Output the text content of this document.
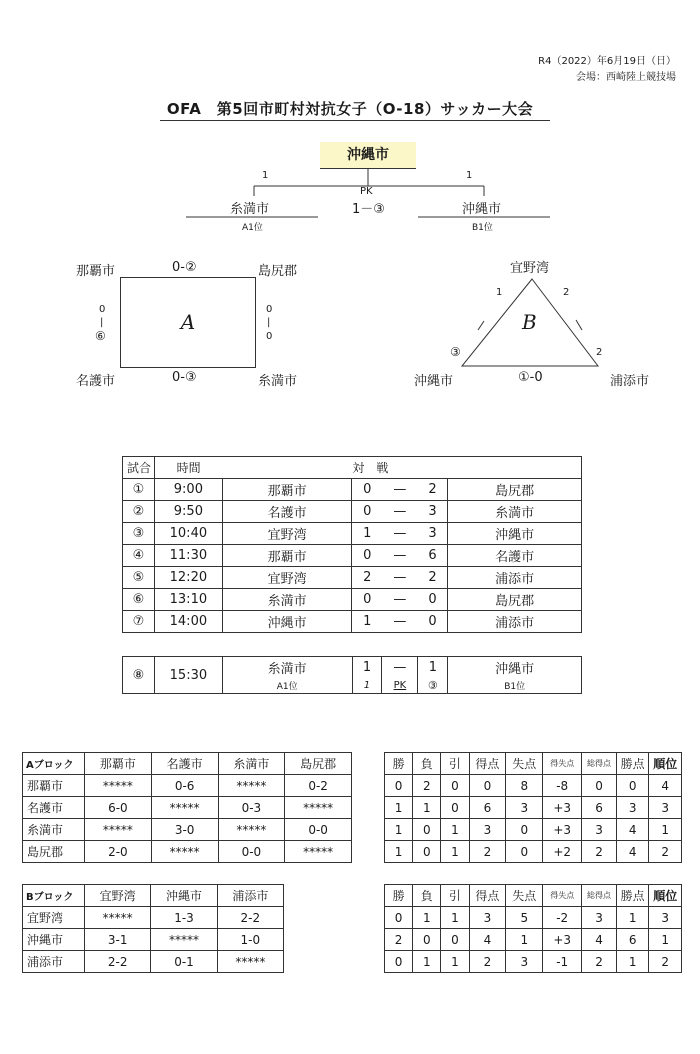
R4（2022）年6月19日（日）
会場：西崎陸上競技場
OFA　第5回市町村対抗女子（O-18）サッカー大会
沖縄市
1	1
PK
糸満市	1－③	沖縄市
A1位	B1位
那覇市	0-②	島尻郡
A
0
|
⑥
0
|
0
名護市	0-③	糸満市
宜野湾
1	2
B
③	2
沖縄市	①-0	浦添市
試合	時間	対　戦				
①	9:00	那覇市	0	—	2	島尻郡
②	9:50	名護市	0	—	3	糸満市
③	10:40	宜野湾	1	—	3	沖縄市
④	11:30	那覇市	0	—	6	名護市
⑤	12:20	宜野湾	2	—	2	浦添市
⑥	13:10	糸満市	0	—	0	島尻郡
⑦	14:00	沖縄市	1	—	0	浦添市
⑧	15:30	糸満市	1	—	1	沖縄市
		A1位	1	PK	③	B1位
Aブロック	那覇市	名護市	糸満市	島尻郡
那覇市	*****	0-6	*****	0-2
名護市	6-0	*****	0-3	*****
糸満市	*****	3-0	*****	0-0
島尻郡	2-0	*****	0-0	*****
勝	負	引	得点	失点	得失点	総得点	勝点	順位
0	2	0	0	8	-8	0	0	4
1	1	0	6	3	+3	6	3	3
1	0	1	3	0	+3	3	4	1
1	0	1	2	0	+2	2	4	2
Bブロック	宜野湾	沖縄市	浦添市
宜野湾	*****	1-3	2-2
沖縄市	3-1	*****	1-0
浦添市	2-2	0-1	*****
勝	負	引	得点	失点	得失点	総得点	勝点	順位
0	1	1	3	5	-2	3	1	3
2	0	0	4	1	+3	4	6	1
0	1	1	2	3	-1	2	1	2
